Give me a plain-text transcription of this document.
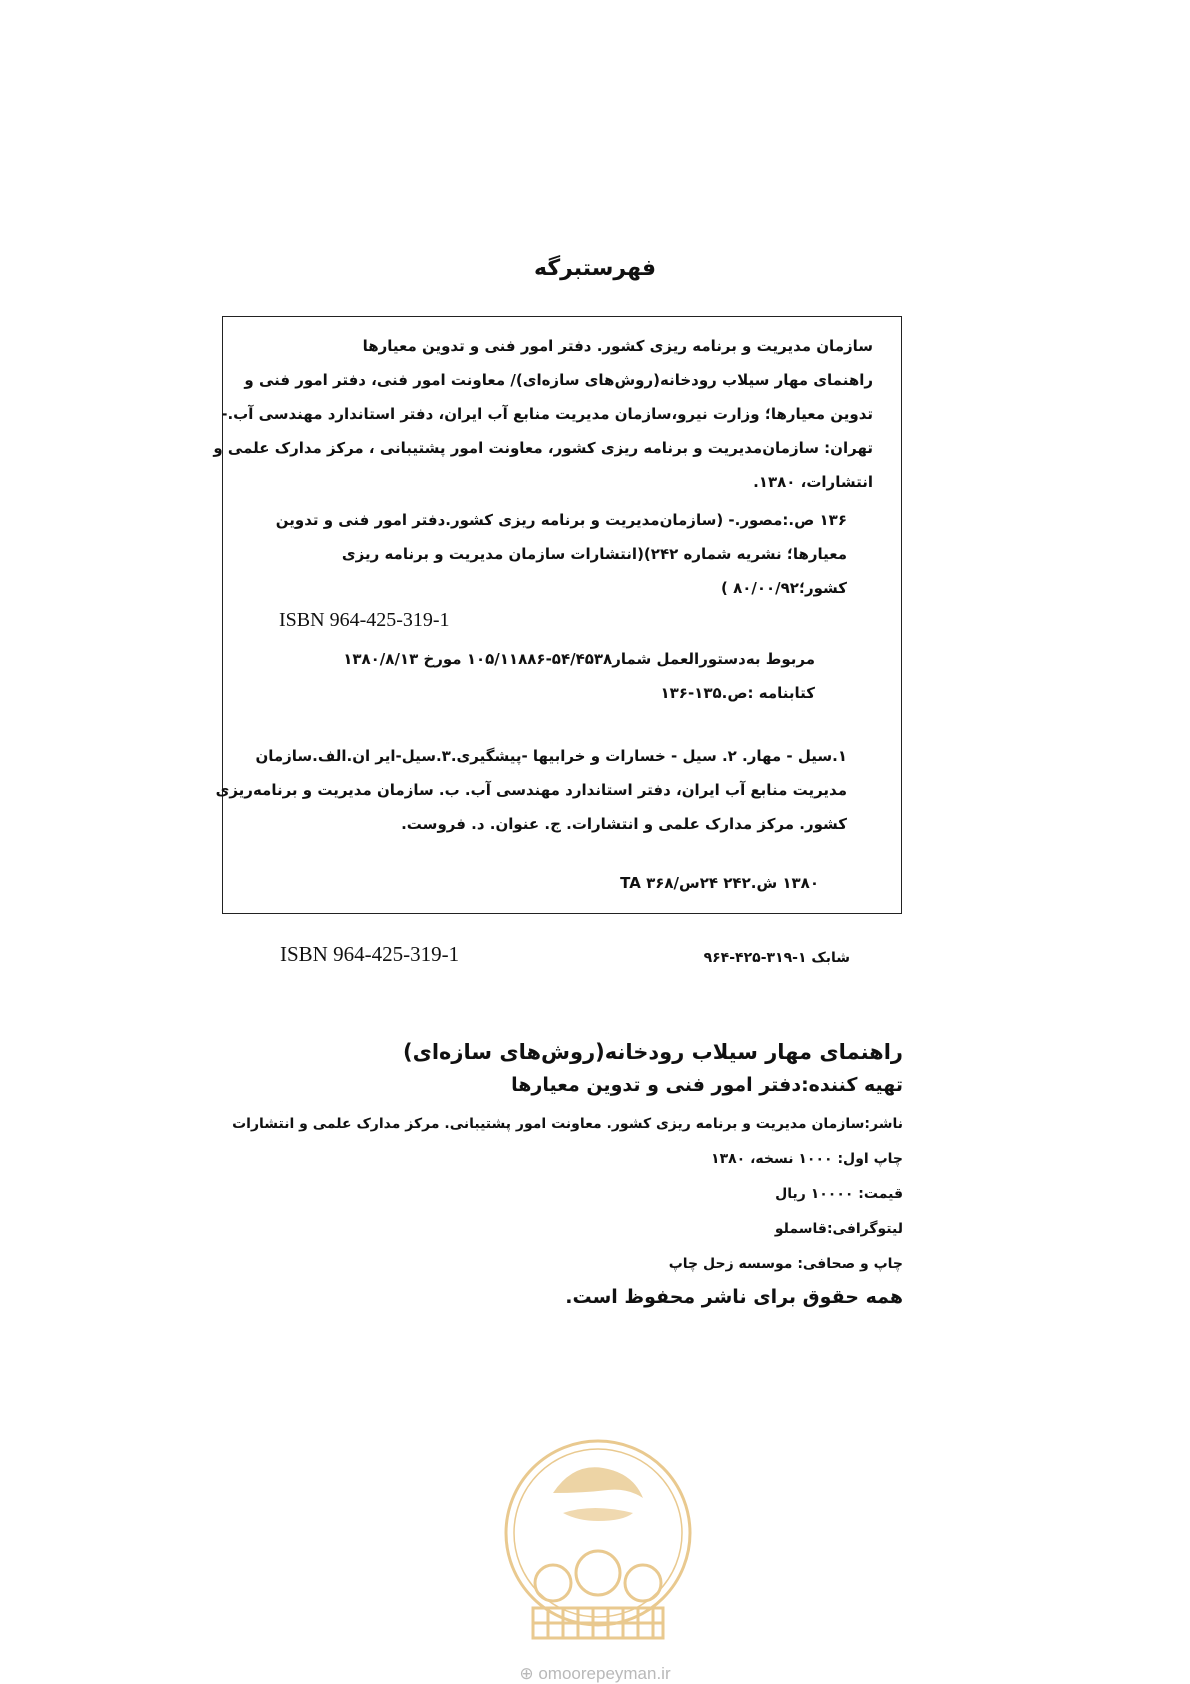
فهرستبرگه
سازمان مدیریت و برنامه ریزی کشور. دفتر امور فنی و تدوین معیارها
راهنمای مهار سیلاب رودخانه(روش‌های سازه‌ای)/ معاونت امور فنی، دفتر امور فنی و
تدوین معیارها؛ وزارت نیرو،سازمان مدیریت منابع آب ایران، دفتر استاندارد مهندسی آب.-
تهران: سازمان‌مدیریت و برنامه ریزی کشور، معاونت امور پشتیبانی ، مرکز مدارک علمی و
انتشارات، ۱۳۸۰.
۱۳۶ ص.:مصور.- (سازمان‌مدیریت و برنامه ریزی کشور.دفتر امور فنی و تدوین
معیارها؛ نشریه شماره ۲۴۲)(انتشارات سازمان مدیریت و برنامه ریزی
کشور؛۸۰/۰۰/۹۲ )
ISBN 964-425-319-1
مربوط به‌دستورالعمل شمار۵۴/۴۵۳۸-۱۰۵/۱۱۸۸۶ مورخ ۱۳۸۰/۸/۱۳
کتابنامه :ص.۱۳۵-۱۳۶
۱.سیل - مهار. ۲. سیل - خسارات و خرابیها -پیشگیری.۳.سیل-ایر ان.الف.سازمان
مدیریت منابع آب ایران، دفتر استاندارد مهندسی آب. ب. سازمان مدیریت و برنامه‌ریزی
کشور. مرکز مدارک علمی و انتشارات. ج. عنوان. د. فروست.
۱۳۸۰ ش.۲۴۲ ۲۴س/۳۶۸ TA
ISBN 964-425-319-1	شابک ۱-۳۱۹-۴۲۵-۹۶۴
راهنمای مهار سیلاب رودخانه(روش‌های سازه‌ای)
تهیه کننده:دفتر امور فنی و تدوین معیارها
ناشر:سازمان مدیریت و برنامه ریزی کشور. معاونت امور پشتیبانی. مرکز مدارک علمی و انتشارات
چاپ اول: ۱۰۰۰ نسخه، ۱۳۸۰
قیمت: ۱۰۰۰۰ ریال
لیتوگرافی:قاسملو
چاپ و صحافی: موسسه زحل چاپ
همه حقوق برای ناشر محفوظ است.
⊕ omoorepeyman.ir
